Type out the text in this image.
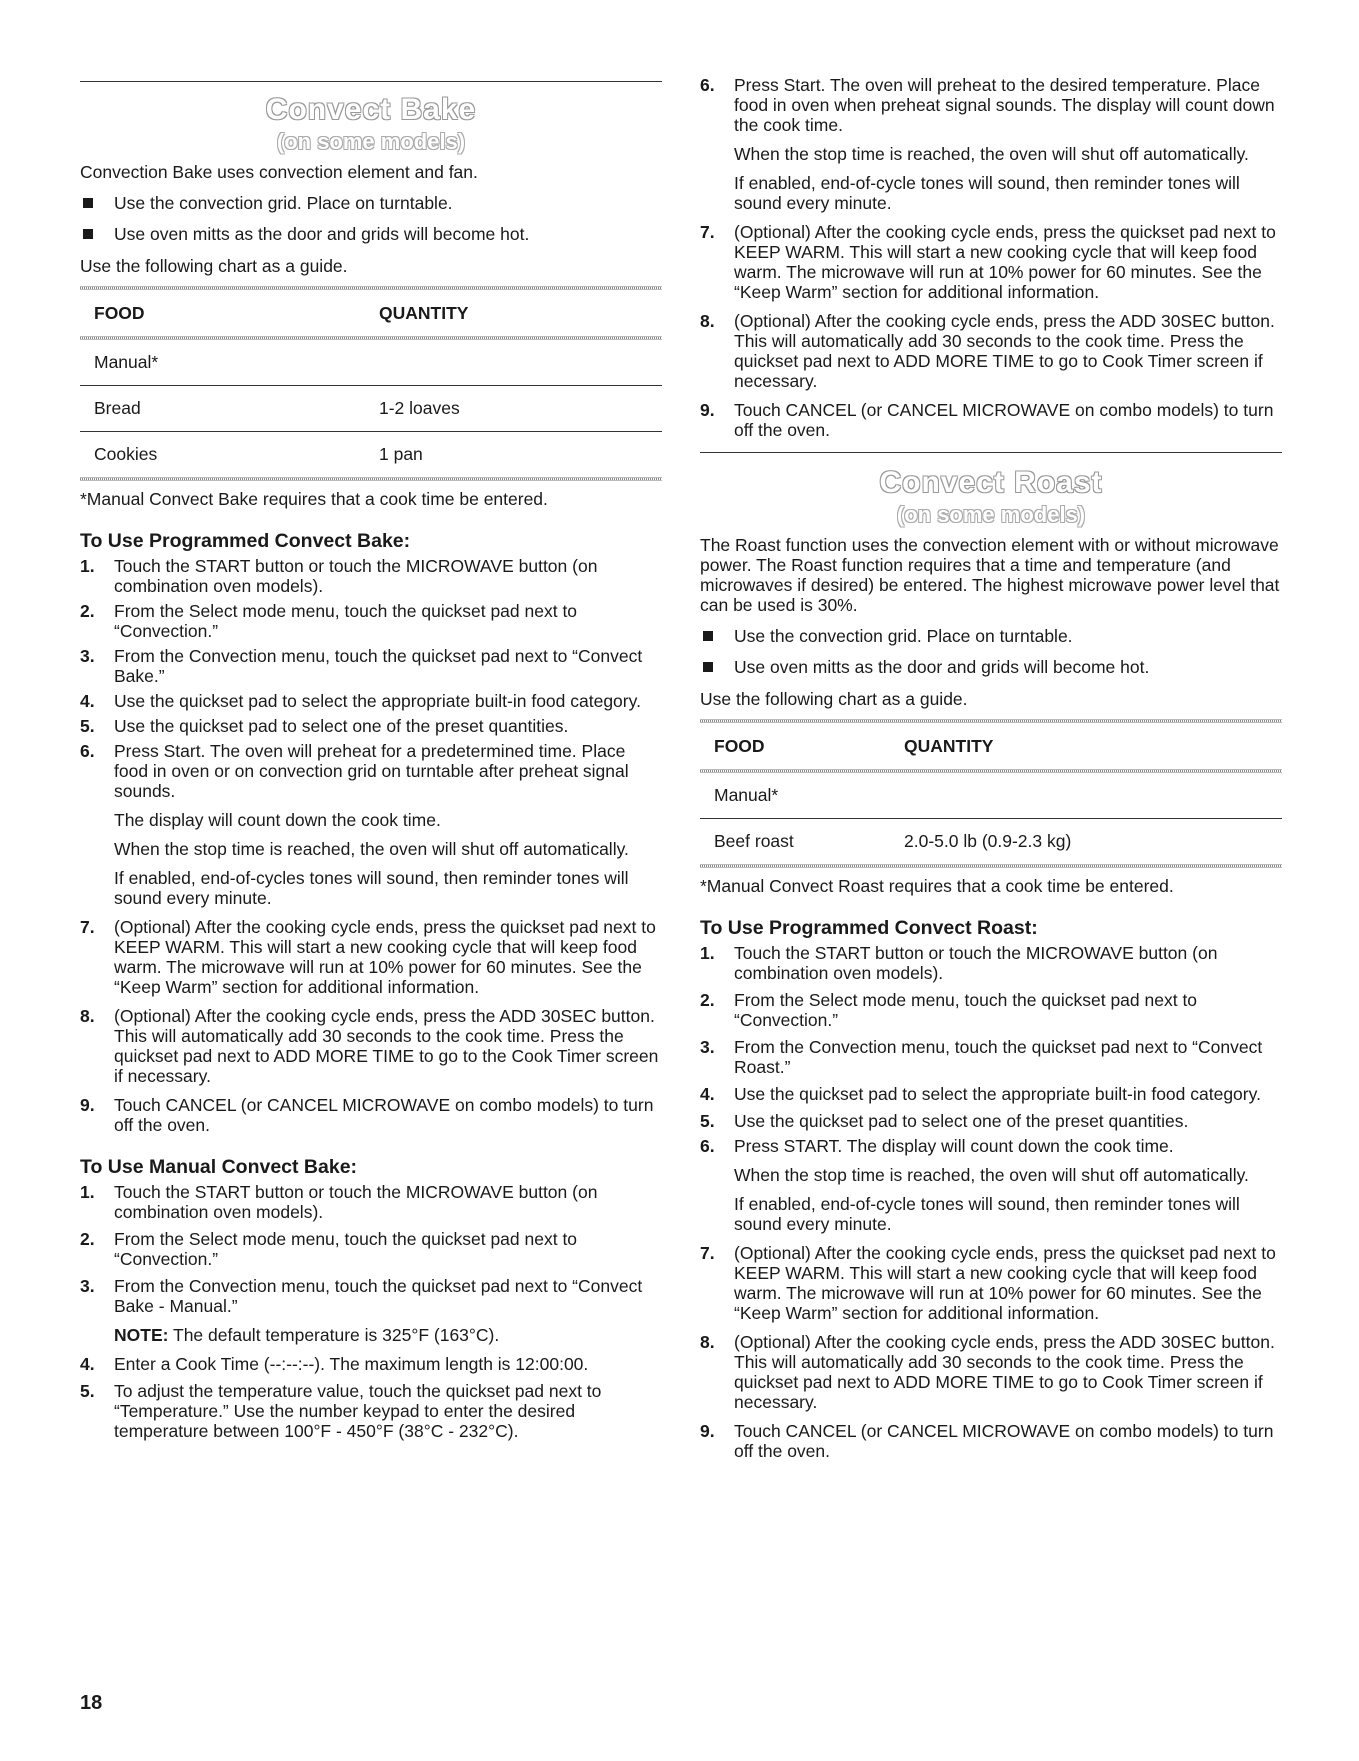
Convect Bake
(on some models)

Convection Bake uses convection element and fan.

Use the convection grid. Place on turntable.
Use oven mitts as the door and grids will become hot.

Use the following chart as a guide.

FOOD	QUANTITY
Manual*
Bread	1-2 loaves
Cookies	1 pan

*Manual Convect Bake requires that a cook time be entered.

To Use Programmed Convect Bake:
1. Touch the START button or touch the MICROWAVE button (on combination oven models).
2. From the Select mode menu, touch the quickset pad next to “Convection.”
3. From the Convection menu, touch the quickset pad next to “Convect Bake.”
4. Use the quickset pad to select the appropriate built-in food category.
5. Use the quickset pad to select one of the preset quantities.
6. Press Start. The oven will preheat for a predetermined time. Place food in oven or on convection grid on turntable after preheat signal sounds.
The display will count down the cook time.
When the stop time is reached, the oven will shut off automatically.
If enabled, end-of-cycles tones will sound, then reminder tones will sound every minute.
7. (Optional) After the cooking cycle ends, press the quickset pad next to KEEP WARM. This will start a new cooking cycle that will keep food warm. The microwave will run at 10% power for 60 minutes. See the “Keep Warm” section for additional information.
8. (Optional) After the cooking cycle ends, press the ADD 30SEC button. This will automatically add 30 seconds to the cook time. Press the quickset pad next to ADD MORE TIME to go to the Cook Timer screen if necessary.
9. Touch CANCEL (or CANCEL MICROWAVE on combo models) to turn off the oven.
To Use Manual Convect Bake:
1. Touch the START button or touch the MICROWAVE button (on combination oven models).
2. From the Select mode menu, touch the quickset pad next to “Convection.”
3. From the Convection menu, touch the quickset pad next to “Convect Bake - Manual.”
NOTE: The default temperature is 325°F (163°C).
4. Enter a Cook Time (--:--:--). The maximum length is 12:00:00.
5. To adjust the temperature value, touch the quickset pad next to “Temperature.” Use the number keypad to enter the desired temperature between 100°F - 450°F (38°C - 232°C).
6. Press Start. The oven will preheat to the desired temperature. Place food in oven when preheat signal sounds. The display will count down the cook time.
When the stop time is reached, the oven will shut off automatically.
If enabled, end-of-cycle tones will sound, then reminder tones will sound every minute.
7. (Optional) After the cooking cycle ends, press the quickset pad next to KEEP WARM. This will start a new cooking cycle that will keep food warm. The microwave will run at 10% power for 60 minutes. See the “Keep Warm” section for additional information.
8. (Optional) After the cooking cycle ends, press the ADD 30SEC button. This will automatically add 30 seconds to the cook time. Press the quickset pad next to ADD MORE TIME to go to Cook Timer screen if necessary.
9. Touch CANCEL (or CANCEL MICROWAVE on combo models) to turn off the oven.
Convect Roast
(on some models)

The Roast function uses the convection element with or without microwave power. The Roast function requires that a time and temperature (and microwaves if desired) be entered. The highest microwave power level that can be used is 30%.

Use the convection grid. Place on turntable.
Use oven mitts as the door and grids will become hot.

Use the following chart as a guide.

FOOD	QUANTITY
Manual*
Beef roast	2.0-5.0 lb (0.9-2.3 kg)

*Manual Convect Roast requires that a cook time be entered.

To Use Programmed Convect Roast:
1. Touch the START button or touch the MICROWAVE button (on combination oven models).
2. From the Select mode menu, touch the quickset pad next to “Convection.”
3. From the Convection menu, touch the quickset pad next to “Convect Roast.”
4. Use the quickset pad to select the appropriate built-in food category.
5. Use the quickset pad to select one of the preset quantities.
6. Press START. The display will count down the cook time.
When the stop time is reached, the oven will shut off automatically.
If enabled, end-of-cycle tones will sound, then reminder tones will sound every minute.
7. (Optional) After the cooking cycle ends, press the quickset pad next to KEEP WARM. This will start a new cooking cycle that will keep food warm. The microwave will run at 10% power for 60 minutes. See the “Keep Warm” section for additional information.
8. (Optional) After the cooking cycle ends, press the ADD 30SEC button. This will automatically add 30 seconds to the cook time. Press the quickset pad next to ADD MORE TIME to go to Cook Timer screen if necessary.
9. Touch CANCEL (or CANCEL MICROWAVE on combo models) to turn off the oven.
18
